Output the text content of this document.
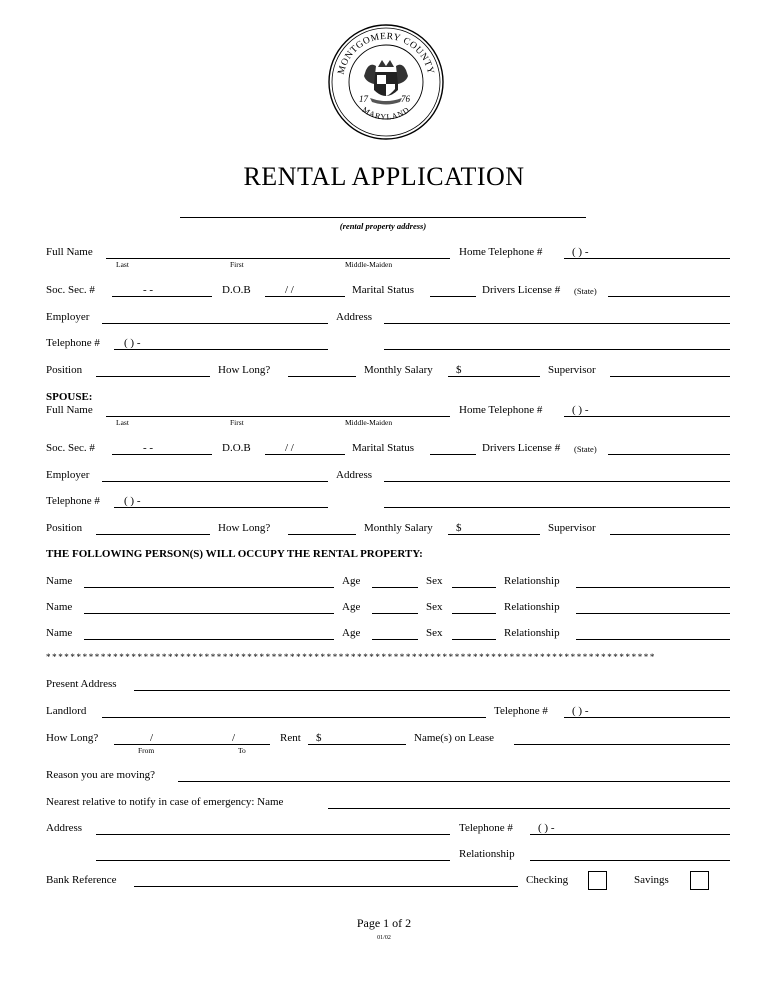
MONTGOMERY COUNTY
MARYLAND
17	76
RENTAL APPLICATION
(rental property address)
Full Name	Home Telephone #	( ) -
Last	First	Middle-Maiden
Soc. Sec. #	- -	D.O.B	/ /	Marital Status	Drivers License # (State)
Employer	Address
Telephone # ( ) -
Position	How Long?	Monthly Salary $	Supervisor
SPOUSE:
Full Name	Home Telephone #	( ) -
Last	First	Middle-Maiden
Soc. Sec. #	- -	D.O.B	/ /	Marital Status	Drivers License # (State)
Employer	Address
Telephone # ( ) -
Position	How Long?	Monthly Salary $	Supervisor
THE FOLLOWING PERSON(S) WILL OCCUPY THE RENTAL PROPERTY:
Name	Age	Sex	Relationship
Name	Age	Sex	Relationship
Name	Age	Sex	Relationship
****************************************************************************************************
Present Address
Landlord	Telephone # ( ) -
How Long?	/	/
From	To
Rent $	Name(s) on Lease
Reason you are moving?
Nearest relative to notify in case of emergency: Name
Address	Telephone # ( ) -
Relationship
Bank Reference	Checking	Savings
Page 1 of 2
01/02
